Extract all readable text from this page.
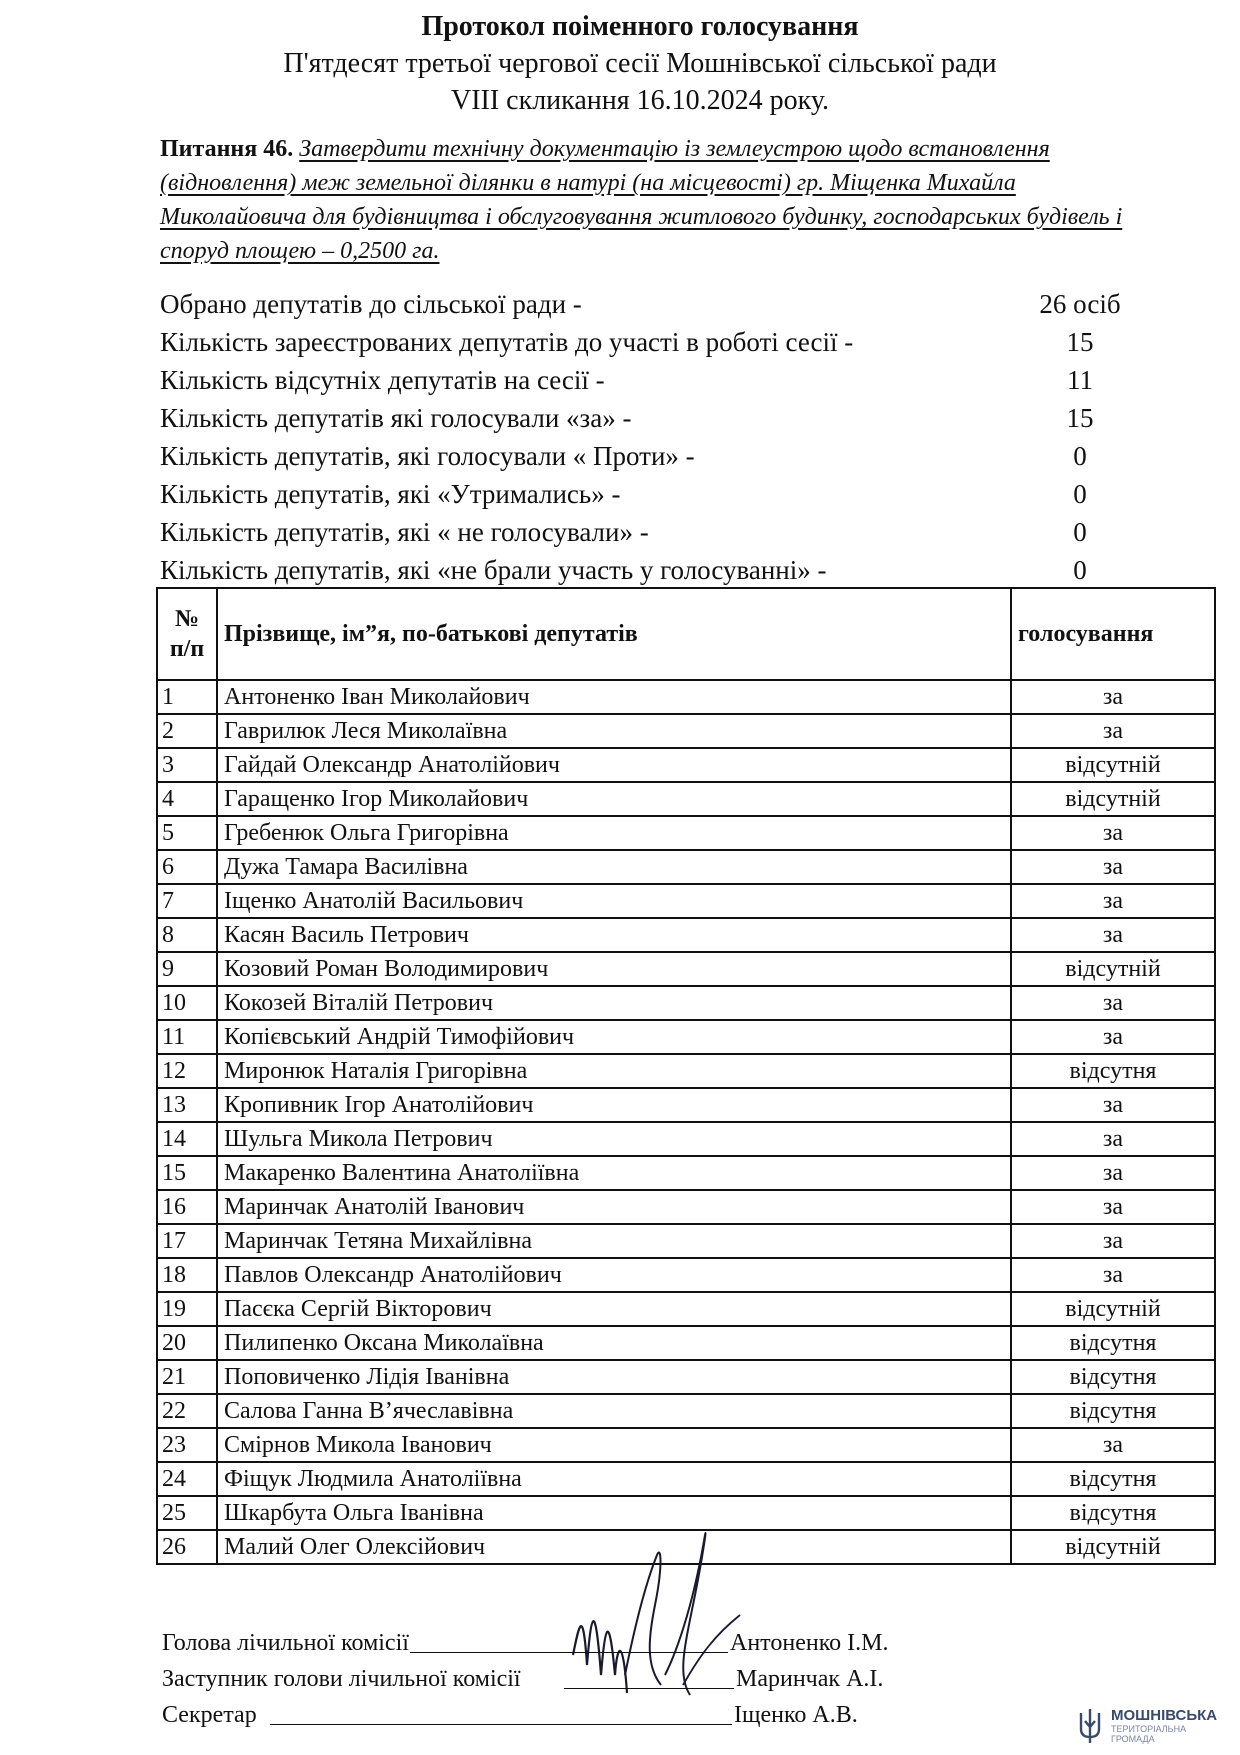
Протокол поіменного голосування
П'ятдесят третьої чергової сесії Мошнівської сільської ради
VIII скликання 16.10.2024 року.
Питання 46. Затвердити технічну документацію із землеустрою щодо встановлення (відновлення) меж земельної ділянки в натурі (на місцевості) гр. Міщенка Михайла Миколайовича для будівництва і обслуговування житлового будинку, господарських будівель і споруд площею – 0,2500 га.
Обрано депутатів до сільської ради -	26 осіб
Кількість зареєстрованих депутатів до участі в роботі сесії -	15
Кількість відсутніх депутатів на сесії -	11
Кількість депутатів які голосували «за» -	15
Кількість депутатів, які голосували « Проти» -	0
Кількість депутатів, які «Утримались» -	0
Кількість депутатів, які « не голосували» -	0
Кількість депутатів, які «не брали участь у голосуванні» -	0
№
п/п	Прізвище, ім”я, по-батькові депутатів	голосування
1	Антоненко Іван Миколайович	за
2	Гаврилюк Леся Миколаївна	за
3	Гайдай Олександр Анатолійович	відсутній
4	Гаращенко Ігор Миколайович	відсутній
5	Гребенюк Ольга Григорівна	за
6	Дужа Тамара Василівна	за
7	Іщенко Анатолій Васильович	за
8	Касян Василь Петрович	за
9	Козовий Роман Володимирович	відсутній
10	Кокозей Віталій Петрович	за
11	Копієвський Андрій Тимофійович	за
12	Миронюк Наталія Григорівна	відсутня
13	Кропивник Ігор Анатолійович	за
14	Шульга Микола Петрович	за
15	Макаренко Валентина Анатоліївна	за
16	Маринчак Анатолій Іванович	за
17	Маринчак Тетяна Михайлівна	за
18	Павлов Олександр Анатолійович	за
19	Пасєка Сергій Вікторович	відсутній
20	Пилипенко Оксана Миколаївна	відсутня
21	Поповиченко Лідія Іванівна	відсутня
22	Салова Ганна В’ячеславівна	відсутня
23	Смірнов Микола Іванович	за
24	Фіщук Людмила Анатоліївна	відсутня
25	Шкарбута Ольга Іванівна	відсутня
26	Малий Олег Олексійович	відсутній
Голова лічильної комісії	Антоненко І.М.
Заступник голови лічильної комісії	Маринчак А.І.
Секретар	Іщенко А.В.	МОШНІВСЬКА
ТЕРИТОРІАЛЬНА
ГРОМАДА
